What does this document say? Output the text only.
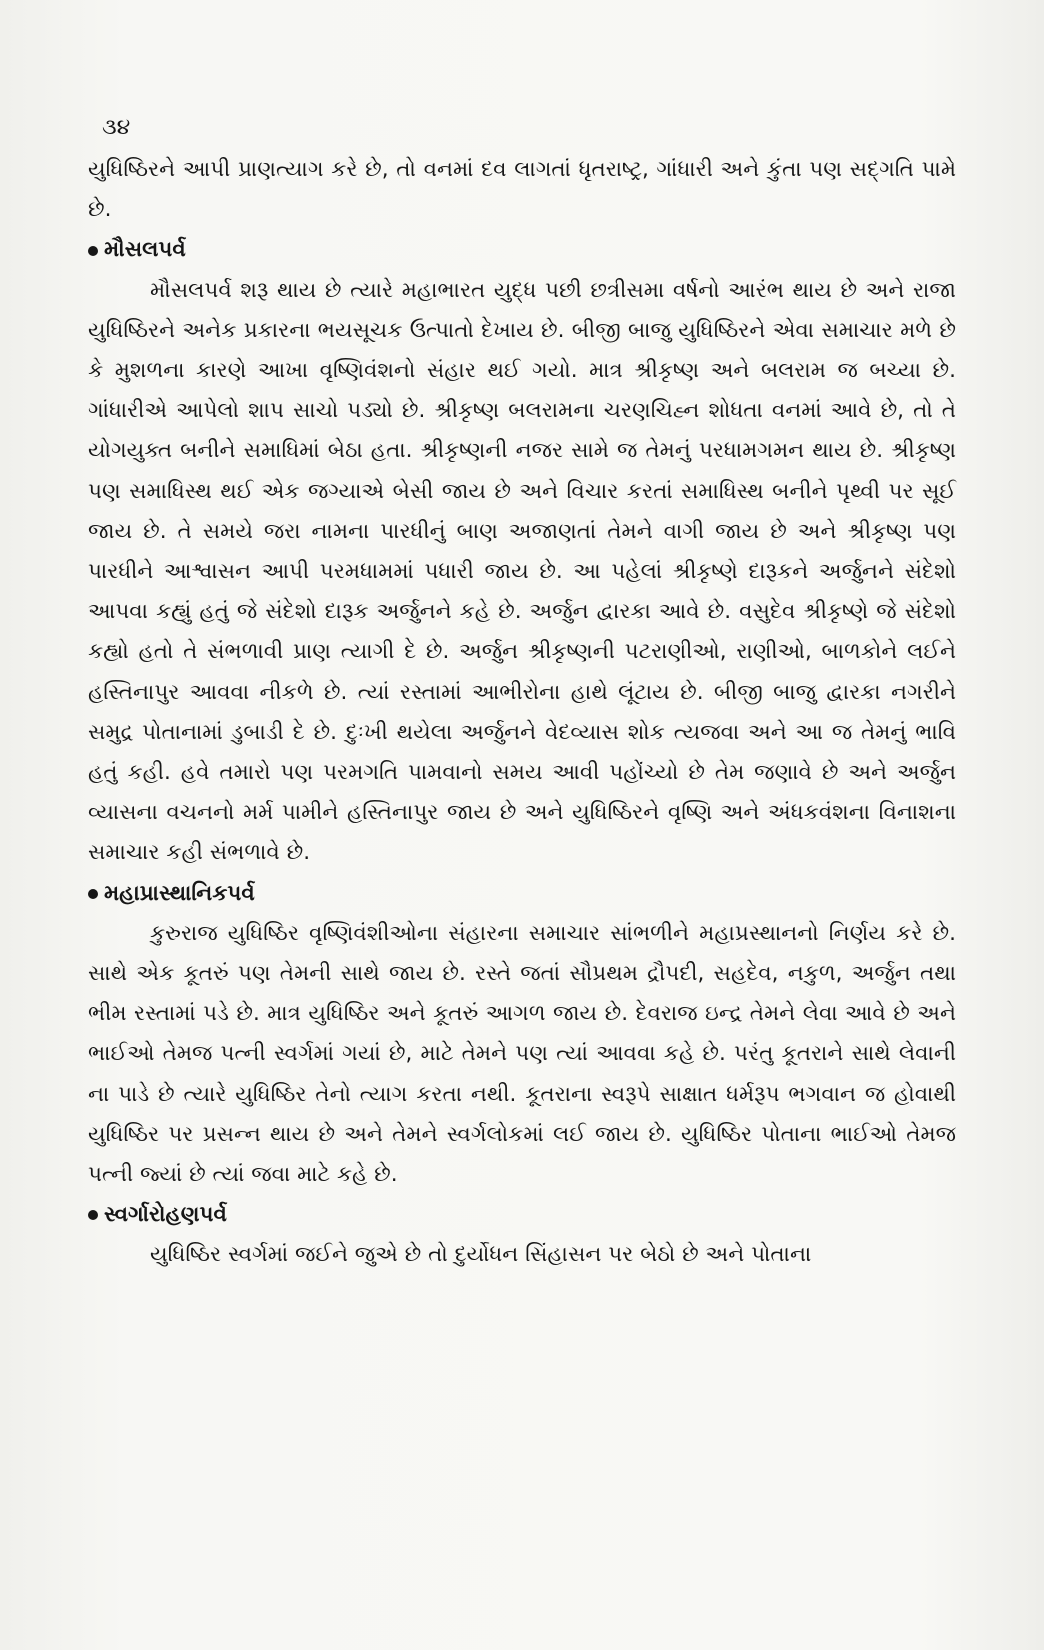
૩૪

યુધિષ્ઠિરને આપી પ્રાણત્યાગ કરે છે, તો વનમાં દવ લાગતાં ધૃતરાષ્ટ્ર, ગાંધારી અને કુંતા પણ સદ્‌ગતિ પામે છે.

મૌસલપર્વ

મૌસલપર્વ શરૂ થાય છે ત્યારે મહાભારત યુદ્ધ પછી છત્રીસમા વર્ષનો આરંભ થાય છે અને રાજા યુધિષ્ઠિરને અનેક પ્રકારના ભયસૂચક ઉત્પાતો દેખાય છે. બીજી બાજુ યુધિષ્ઠિરને એવા સમાચાર મળે છે કે મુશળના કારણે આખા વૃષ્ણિવંશનો સંહાર થઈ ગયો. માત્ર શ્રીકૃષ્ણ અને બલરામ જ બચ્યા છે. ગાંધારીએ આપેલો શાપ સાચો પડ્યો છે. શ્રીકૃષ્ણ બલરામના ચરણચિહ્ન શોધતા વનમાં આવે છે, તો તે યોગયુક્ત બનીને સમાધિમાં બેઠા હતા. શ્રીકૃષ્ણની નજર સામે જ તેમનું પરધામગમન થાય છે. શ્રીકૃષ્ણ પણ સમાધિસ્થ થઈ એક જગ્યાએ બેસી જાય છે અને વિચાર કરતાં સમાધિસ્થ બનીને પૃથ્વી પર સૂઈ જાય છે. તે સમયે જરા નામના પારધીનું બાણ અજાણતાં તેમને વાગી જાય છે અને શ્રીકૃષ્ણ પણ પારધીને આશ્વાસન આપી પરમધામમાં પધારી જાય છે. આ પહેલાં શ્રીકૃષ્ણે દારૂકને અર્જુનને સંદેશો આપવા કહ્યું હતું જે સંદેશો દારૂક અર્જુનને કહે છે. અર્જુન દ્વારકા આવે છે. વસુદેવ શ્રીકૃષ્ણે જે સંદેશો કહ્યો હતો તે સંભળાવી પ્રાણ ત્યાગી દે છે. અર્જુન શ્રીકૃષ્ણની પટરાણીઓ, રાણીઓ, બાળકોને લઈને હસ્તિનાપુર આવવા નીકળે છે. ત્યાં રસ્તામાં આભીરોના હાથે લૂંટાય છે. બીજી બાજુ દ્વારકા નગરીને સમુદ્ર પોતાનામાં ડુબાડી દે છે. દુઃખી થયેલા અર્જુનને વેદવ્યાસ શોક ત્યજવા અને આ જ તેમનું ભાવિ હતું કહી. હવે તમારો પણ પરમગતિ પામવાનો સમય આવી પહોંચ્યો છે તેમ જણાવે છે અને અર્જુન વ્યાસના વચનનો મર્મ પામીને હસ્તિનાપુર જાય છે અને યુધિષ્ઠિરને વૃષ્ણિ અને અંધકવંશના વિનાશના સમાચાર કહી સંભળાવે છે.

મહાપ્રાસ્થાનિકપર્વ

કુરુરાજ યુધિષ્ઠિર વૃષ્ણિવંશીઓના સંહારના સમાચાર સાંભળીને મહાપ્રસ્થાનનો નિર્ણય કરે છે. સાથે એક કૂતરું પણ તેમની સાથે જાય છે. રસ્તે જતાં સૌપ્રથમ દ્રૌપદી, સહદેવ, નકુળ, અર્જુન તથા ભીમ રસ્તામાં પડે છે. માત્ર યુધિષ્ઠિર અને કૂતરું આગળ જાય છે. દેવરાજ ઇન્દ્ર તેમને લેવા આવે છે અને ભાઈઓ તેમજ પત્ની સ્વર્ગમાં ગયાં છે, માટે તેમને પણ ત્યાં આવવા કહે છે. પરંતુ કૂતરાને સાથે લેવાની ના પાડે છે ત્યારે યુધિષ્ઠિર તેનો ત્યાગ કરતા નથી. કૂતરાના સ્વરૂપે સાક્ષાત ધર્મરૂપ ભગવાન જ હોવાથી યુધિષ્ઠિર પર પ્રસન્ન થાય છે અને તેમને સ્વર્ગલોકમાં લઈ જાય છે. યુધિષ્ઠિર પોતાના ભાઈઓ તેમજ પત્ની જ્યાં છે ત્યાં જવા માટે કહે છે.

સ્વર્ગારોહણપર્વ

યુધિષ્ઠિર સ્વર્ગમાં જઈને જુએ છે તો દુર્યોધન સિંહાસન પર બેઠો છે અને પોતાના
